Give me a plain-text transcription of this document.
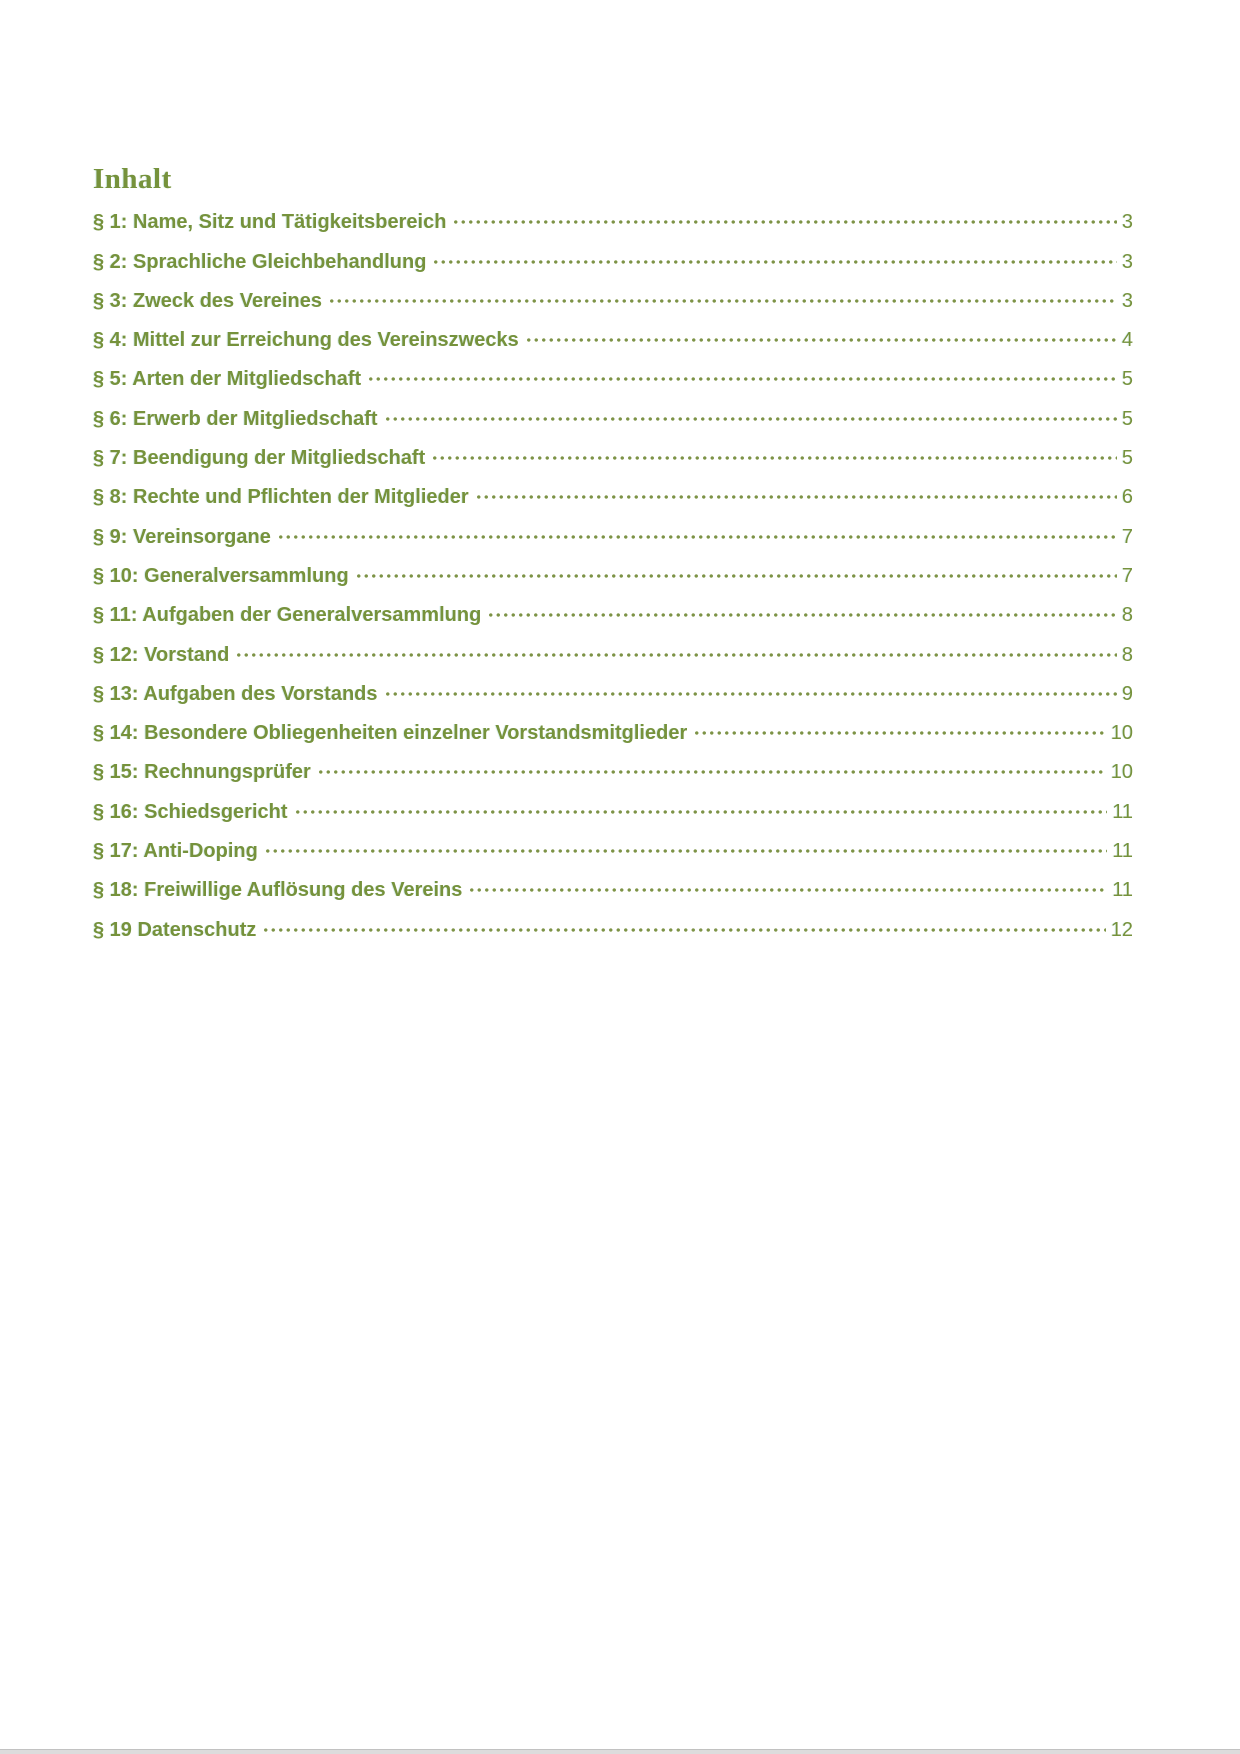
Inhalt
§ 1: Name, Sitz und Tätigkeitsbereich	3
§ 2: Sprachliche Gleichbehandlung	3
§ 3: Zweck des Vereines	3
§ 4: Mittel zur Erreichung des Vereinszwecks	4
§ 5: Arten der Mitgliedschaft	5
§ 6: Erwerb der Mitgliedschaft	5
§ 7: Beendigung der Mitgliedschaft	5
§ 8: Rechte und Pflichten der Mitglieder	6
§ 9: Vereinsorgane	7
§ 10: Generalversammlung	7
§ 11: Aufgaben der Generalversammlung	8
§ 12: Vorstand	8
§ 13: Aufgaben des Vorstands	9
§ 14: Besondere Obliegenheiten einzelner Vorstandsmitglieder	10
§ 15: Rechnungsprüfer	10
§ 16: Schiedsgericht	11
§ 17: Anti-Doping	11
§ 18: Freiwillige Auflösung des Vereins	11
§ 19 Datenschutz	12
